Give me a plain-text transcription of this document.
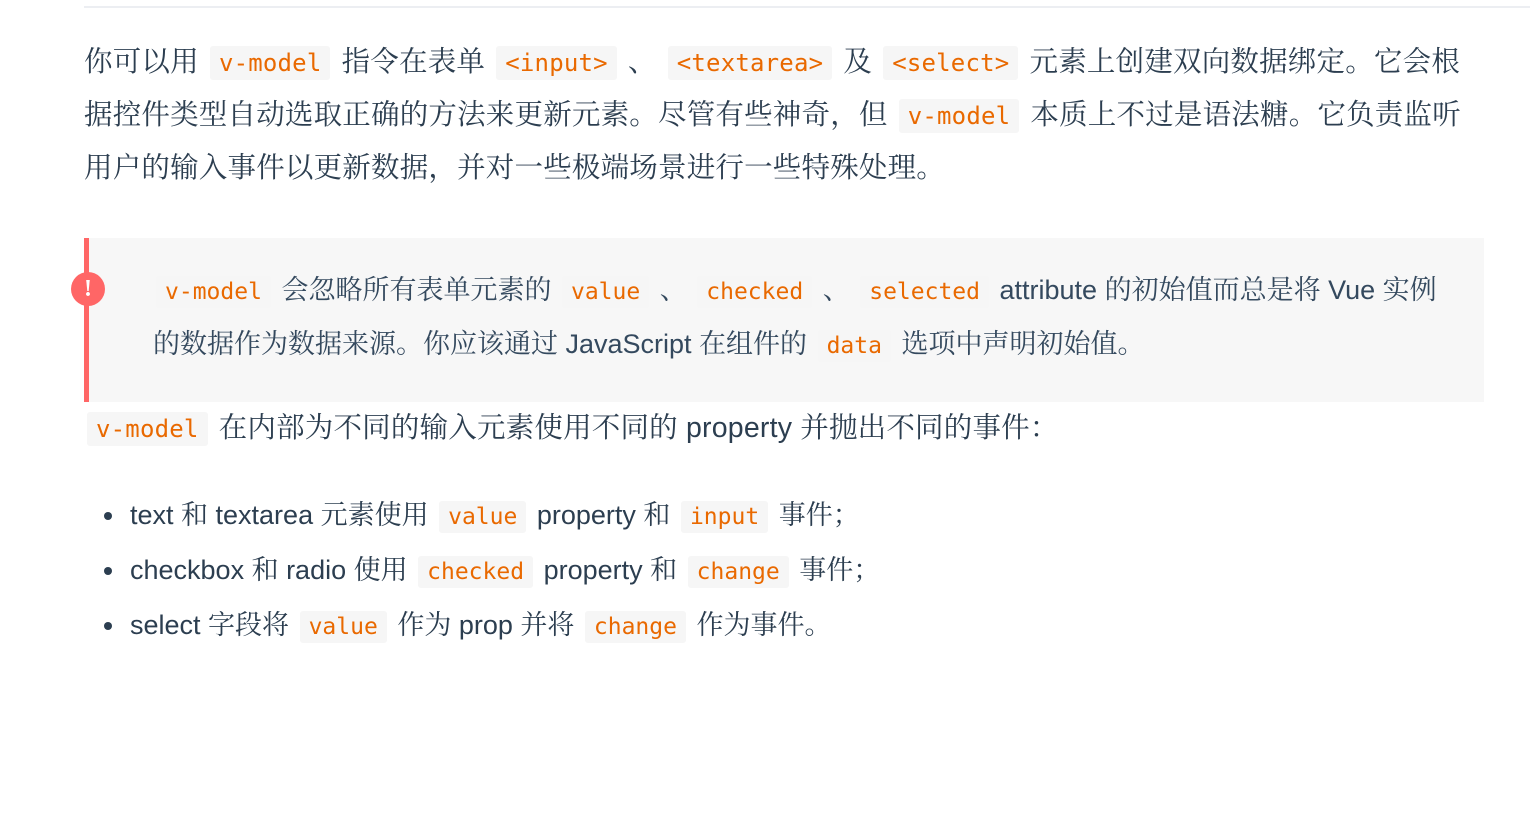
你可以用 v-model 指令在表单 <input> 、 <textarea> 及 <select> 元素上创建双向数据绑定。它会根据控件类型自动选取正确的方法来更新元素。尽管有些神奇，但 v-model 本质上不过是语法糖。它负责监听用户的输入事件以更新数据，并对一些极端场景进行一些特殊处理。

!	v-model 会忽略所有表单元素的 value 、 checked 、 selected attribute 的初始值而总是将 Vue 实例的数据作为数据来源。你应该通过 JavaScript 在组件的 data 选项中声明初始值。

v-model 在内部为不同的输入元素使用不同的 property 并抛出不同的事件：

text 和 textarea 元素使用 value property 和 input 事件；
checkbox 和 radio 使用 checked property 和 change 事件；
select 字段将 value 作为 prop 并将 change 作为事件。
